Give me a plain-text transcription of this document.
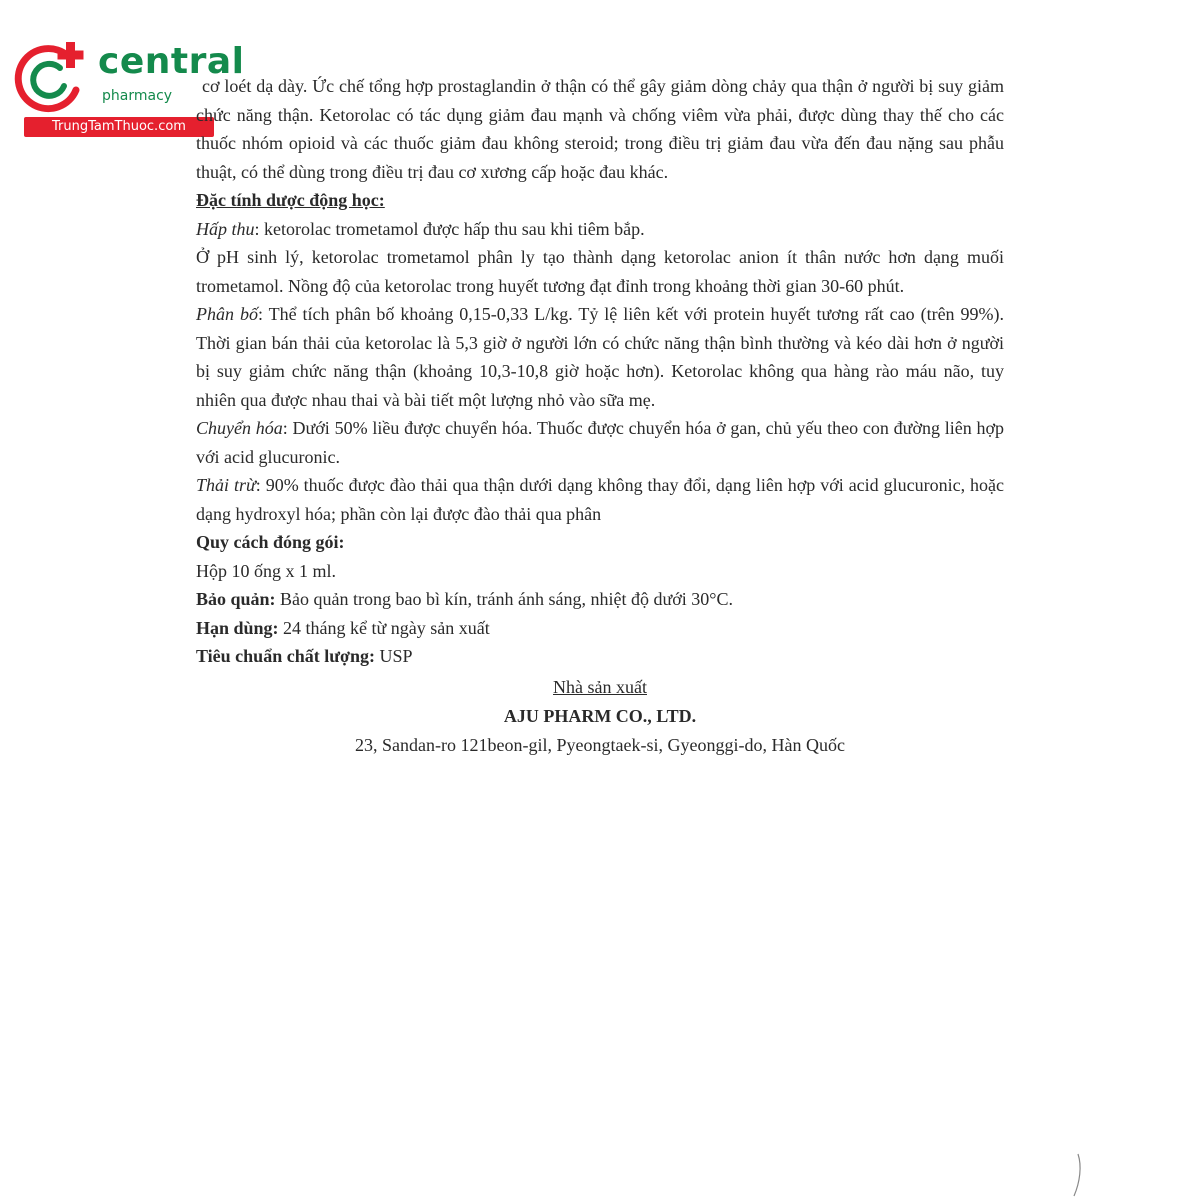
central
pharmacy
TrungTamThuoc.com

cơ loét dạ dày. Ức chế tổng hợp prostaglandin ở thận có thể gây giảm dòng chảy qua thận ở người bị suy giảm chức năng thận. Ketorolac có tác dụng giảm đau mạnh và chống viêm vừa phải, được dùng thay thế cho các thuốc nhóm opioid và các thuốc giảm đau không steroid; trong điều trị giảm đau vừa đến đau nặng sau phẫu thuật, có thể dùng trong điều trị đau cơ xương cấp hoặc đau khác.

Đặc tính dược động học:

Hấp thu: ketorolac trometamol được hấp thu sau khi tiêm bắp.

Ở pH sinh lý, ketorolac trometamol phân ly tạo thành dạng ketorolac anion ít thân nước hơn dạng muối trometamol. Nồng độ của ketorolac trong huyết tương đạt đỉnh trong khoảng thời gian 30-60 phút.

Phân bố: Thể tích phân bố khoảng 0,15-0,33 L/kg. Tỷ lệ liên kết với protein huyết tương rất cao (trên 99%). Thời gian bán thải của ketorolac là 5,3 giờ ở người lớn có chức năng thận bình thường và kéo dài hơn ở người bị suy giảm chức năng thận (khoảng 10,3-10,8 giờ hoặc hơn). Ketorolac không qua hàng rào máu não, tuy nhiên qua được nhau thai và bài tiết một lượng nhỏ vào sữa mẹ.

Chuyển hóa: Dưới 50% liều được chuyển hóa. Thuốc được chuyển hóa ở gan, chủ yếu theo con đường liên hợp với acid glucuronic.

Thải trừ: 90% thuốc được đào thải qua thận dưới dạng không thay đổi, dạng liên hợp với acid glucuronic, hoặc dạng hydroxyl hóa; phần còn lại được đào thải qua phân

Quy cách đóng gói:

Hộp 10 ống x 1 ml.

Bảo quản: Bảo quản trong bao bì kín, tránh ánh sáng, nhiệt độ dưới 30°C.

Hạn dùng: 24 tháng kể từ ngày sản xuất

Tiêu chuẩn chất lượng: USP

Nhà sản xuất

AJU PHARM CO., LTD.

23, Sandan-ro 121beon-gil, Pyeongtaek-si, Gyeonggi-do, Hàn Quốc
